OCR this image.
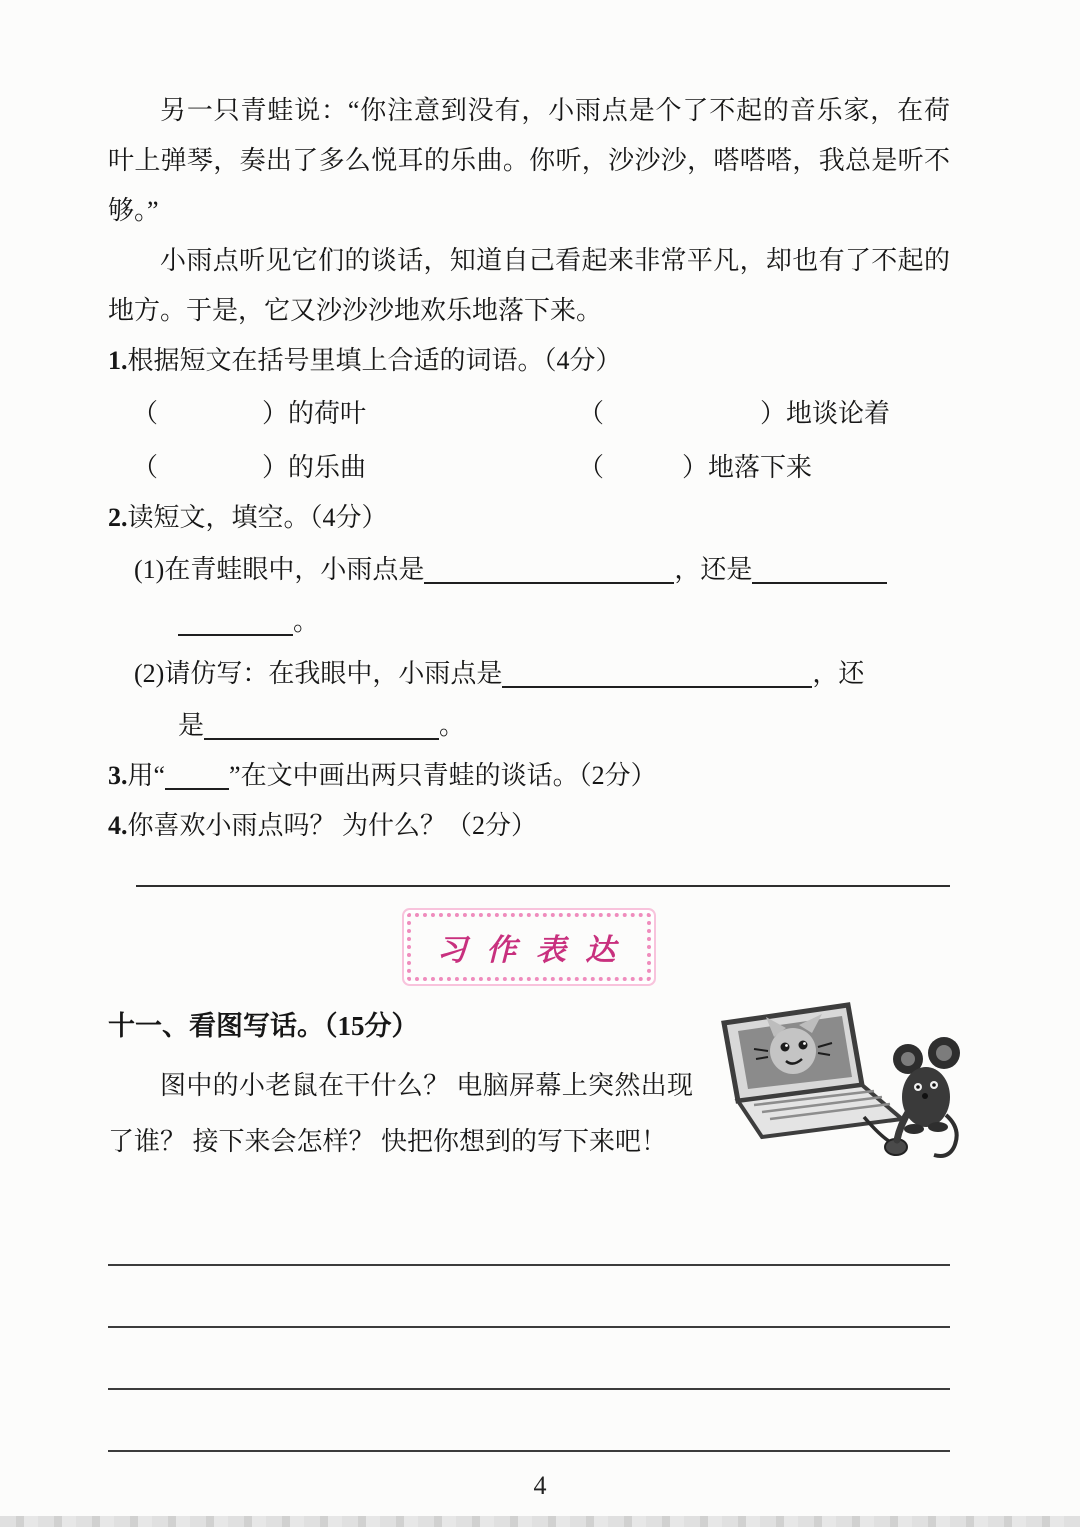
另一只青蛙说：“你注意到没有，小雨点是个了不起的音乐家，在荷叶上弹琴，奏出了多么悦耳的乐曲。你听，沙沙沙，嗒嗒嗒，我总是听不够。”

小雨点听见它们的谈话，知道自己看起来非常平凡，却也有了不起的地方。于是，它又沙沙沙地欢乐地落下来。

1.根据短文在括号里填上合适的词语。（4分）
（　　　　）的荷叶	（　　　　　　）地谈论着
（　　　　）的乐曲	（　　　）地落下来
2.读短文，填空。（4分）
(1)在青蛙眼中，小雨点是	，还是
。
(2)请仿写：在我眼中，小雨点是	，还
是	。
3.用“ ”在文中画出两只青蛙的谈话。（2分）
4.你喜欢小雨点吗？ 为什么？（2分）
习 作 表 达
十一、看图写话。（15分）

图中的小老鼠在干什么？ 电脑屏幕上突然出现了谁？ 接下来会怎样？ 快把你想到的写下来吧！

4
